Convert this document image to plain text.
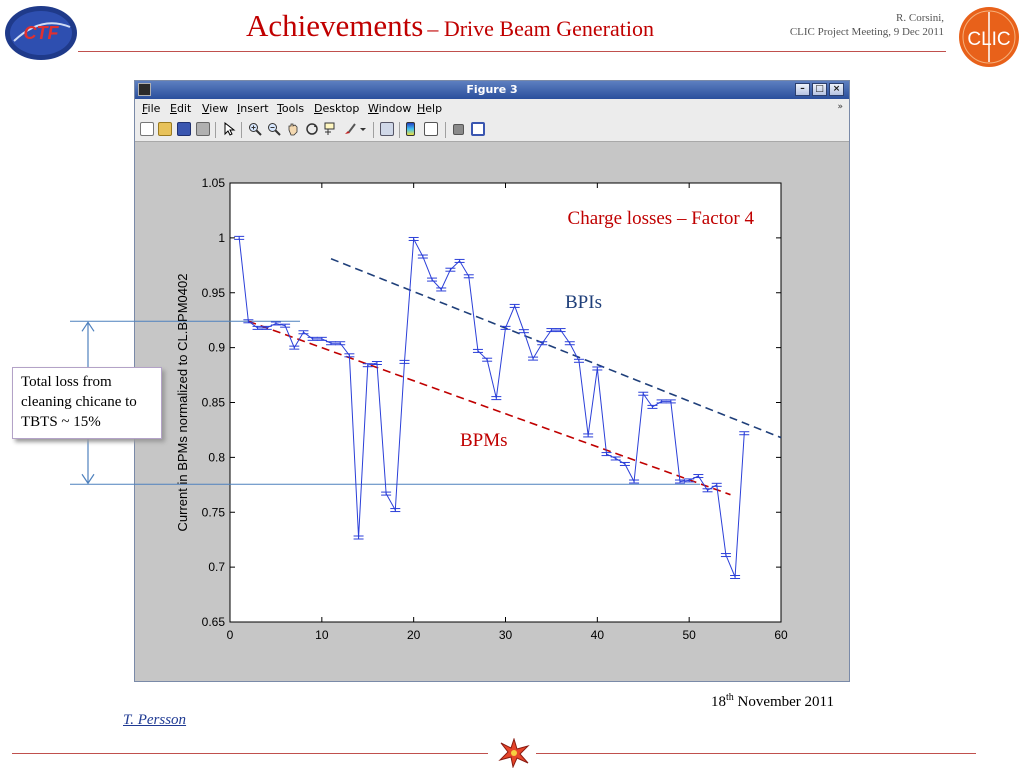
CTF	Achievements – Drive Beam Generation	R. Corsini,
CLIC Project Meeting, 9 Dec 2011 CLIC
Figure 3	–	□ ×
File Edit View Insert Tools Desktop Window Help	»
0	10	20	30	40	50	60
0.65
0.7
0.75
0.8
0.85
0.9
0.95
1
1.05
Current in BPMs normalized to CL.BPM0402
Charge losses – Factor 4
BPIs
BPMs
Total loss from cleaning chicane to TBTS ~ 15%
18th November 2011
T. Persson
